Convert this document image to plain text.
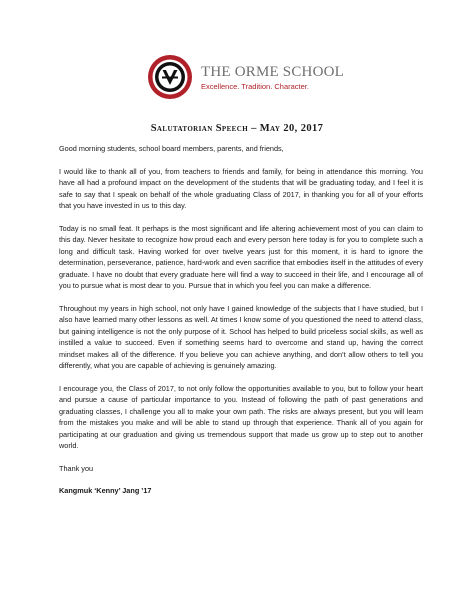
THE ORME SCHOOL
Excellence. Tradition. Character.
Salutatorian Speech – May 20, 2017

Good morning students, school board members, parents, and friends,

I would like to thank all of you, from teachers to friends and family, for being in attendance this morning. You have all had a profound impact on the development of the students that will be graduating today, and I feel it is safe to say that I speak on behalf of the whole graduating Class of 2017, in thanking you for all of your efforts that you have invested in us to this day.

Today is no small feat. It perhaps is the most significant and life altering achievement most of you can claim to this day. Never hesitate to recognize how proud each and every person here today is for you to complete such a long and difficult task. Having worked for over twelve years just for this moment, it is hard to ignore the determination, perseverance, patience, hard-work and even sacrifice that embodies itself in the attitudes of every graduate. I have no doubt that every graduate here will find a way to succeed in their life, and I encourage all of you to pursue what is most dear to you. Pursue that in which you feel you can make a difference.

Throughout my years in high school, not only have I gained knowledge of the subjects that I have studied, but I also have learned many other lessons as well. At times I know some of you questioned the need to attend class, but gaining intelligence is not the only purpose of it. School has helped to build priceless social skills, as well as instilled a value to succeed. Even if something seems hard to overcome and stand up, having the correct mindset makes all of the difference. If you believe you can achieve anything, and don’t allow others to tell you differently, what you are capable of achieving is genuinely amazing.

I encourage you, the Class of 2017, to not only follow the opportunities available to you, but to follow your heart and pursue a cause of particular importance to you. Instead of following the path of past generations and graduating classes, I challenge you all to make your own path. The risks are always present, but you will learn from the mistakes you make and will be able to stand up through that experience. Thank all of you again for participating at our graduation and giving us tremendous support that made us grow up to step out to another world.

Thank you

Kangmuk ‘Kenny’ Jang ’17
